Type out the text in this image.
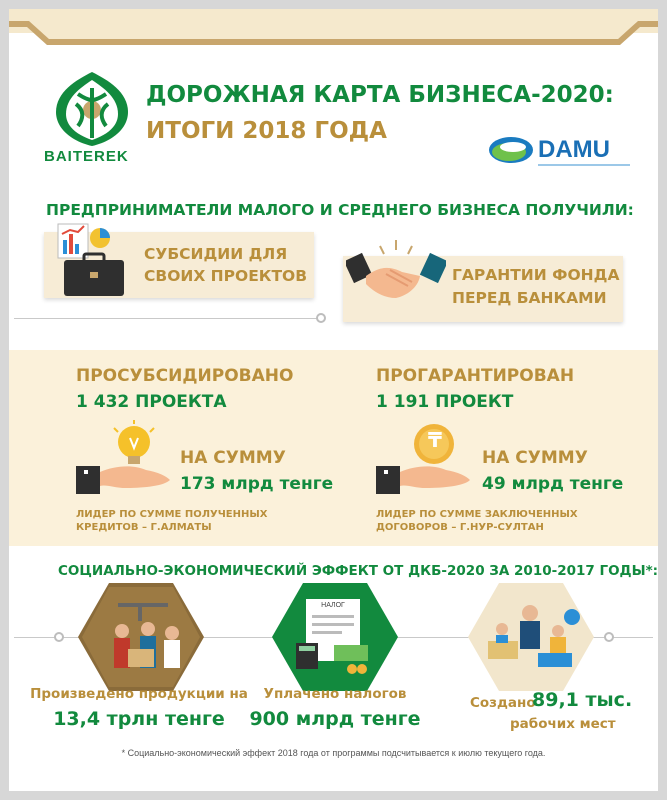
BAITEREK
ДОРОЖНАЯ КАРТА БИЗНЕСА-2020:
ИТОГИ 2018 ГОДА
DAMU
ПРЕДПРИНИМАТЕЛИ МАЛОГО И СРЕДНЕГО БИЗНЕСА ПОЛУЧИЛИ:
СУБСИДИИ ДЛЯ
СВОИХ ПРОЕКТОВ	ГАРАНТИИ ФОНДА
ПЕРЕД БАНКАМИ
ПРОСУБСИДИРОВАНО
1 432 ПРОЕКТА
НА СУММУ
173 млрд тенге
ЛИДЕР ПО СУММЕ ПОЛУЧЕННЫХ
КРЕДИТОВ – Г.АЛМАТЫ
ПРОГАРАНТИРОВАН
1 191 ПРОЕКТ
₸
НА СУММУ
49 млрд тенге
ЛИДЕР ПО СУММЕ ЗАКЛЮЧЕННЫХ
ДОГОВОРОВ – Г.НУР-СУЛТАН
СОЦИАЛЬНО-ЭКОНОМИЧЕСКИЙ ЭФФЕКТ ОТ ДКБ-2020 ЗА 2010-2017 ГОДЫ*:
НАЛОГ
Произведено продукции на
13,4 трлн тенге
Уплачено налогов
900 млрд тенге
Создано
89,1 тыс.
рабочих мест
* Социально-экономический эффект 2018 года от программы подсчитывается к июлю текущего года.
